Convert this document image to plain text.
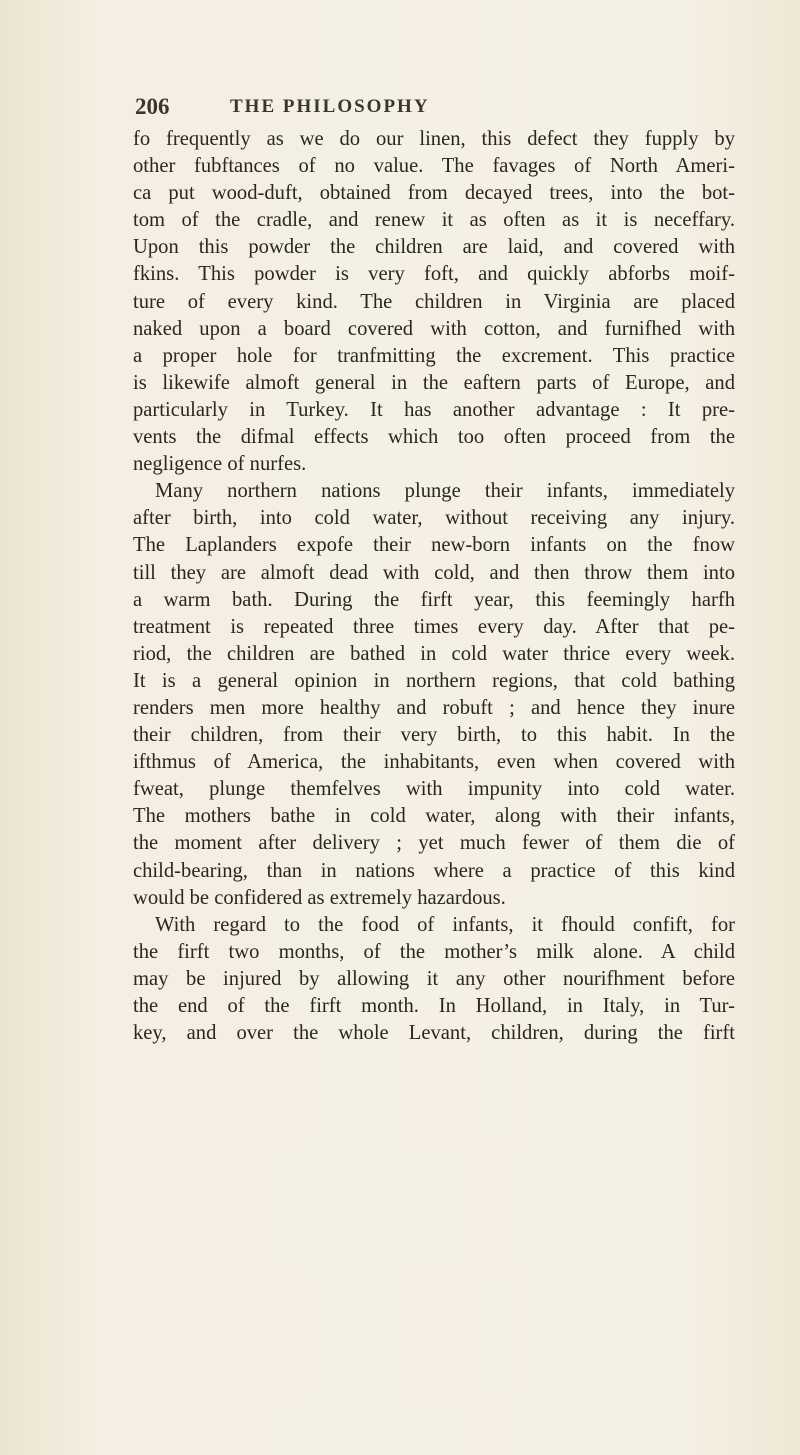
206	THE PHILOSOPHY
fo frequently as we do our linen, this defect they fupply by
other fubftances of no value. The favages of North Ameri-
ca put wood-duft, obtained from decayed trees, into the bot-
tom of the cradle, and renew it as often as it is neceffary.
Upon this powder the children are laid, and covered with
fkins. This powder is very foft, and quickly abforbs moif-
ture of every kind. The children in Virginia are placed
naked upon a board covered with cotton, and furnifhed with
a proper hole for tranfmitting the excrement. This practice
is likewife almoft general in the eaftern parts of Europe, and
particularly in Turkey. It has another advantage : It pre-
vents the difmal effects which too often proceed from the
negligence of nurfes.
Many northern nations plunge their infants, immediately
after birth, into cold water, without receiving any injury.
The Laplanders expofe their new-born infants on the fnow
till they are almoft dead with cold, and then throw them into
a warm bath. During the firft year, this feemingly harfh
treatment is repeated three times every day. After that pe-
riod, the children are bathed in cold water thrice every week.
It is a general opinion in northern regions, that cold bathing
renders men more healthy and robuft ; and hence they inure
their children, from their very birth, to this habit. In the
ifthmus of America, the inhabitants, even when covered with
fweat, plunge themfelves with impunity into cold water.
The mothers bathe in cold water, along with their infants,
the moment after delivery ; yet much fewer of them die of
child-bearing, than in nations where a practice of this kind
would be confidered as extremely hazardous.
With regard to the food of infants, it fhould confift, for
the firft two months, of the mother’s milk alone. A child
may be injured by allowing it any other nourifhment before
the end of the firft month. In Holland, in Italy, in Tur-
key, and over the whole Levant, children, during the firft
